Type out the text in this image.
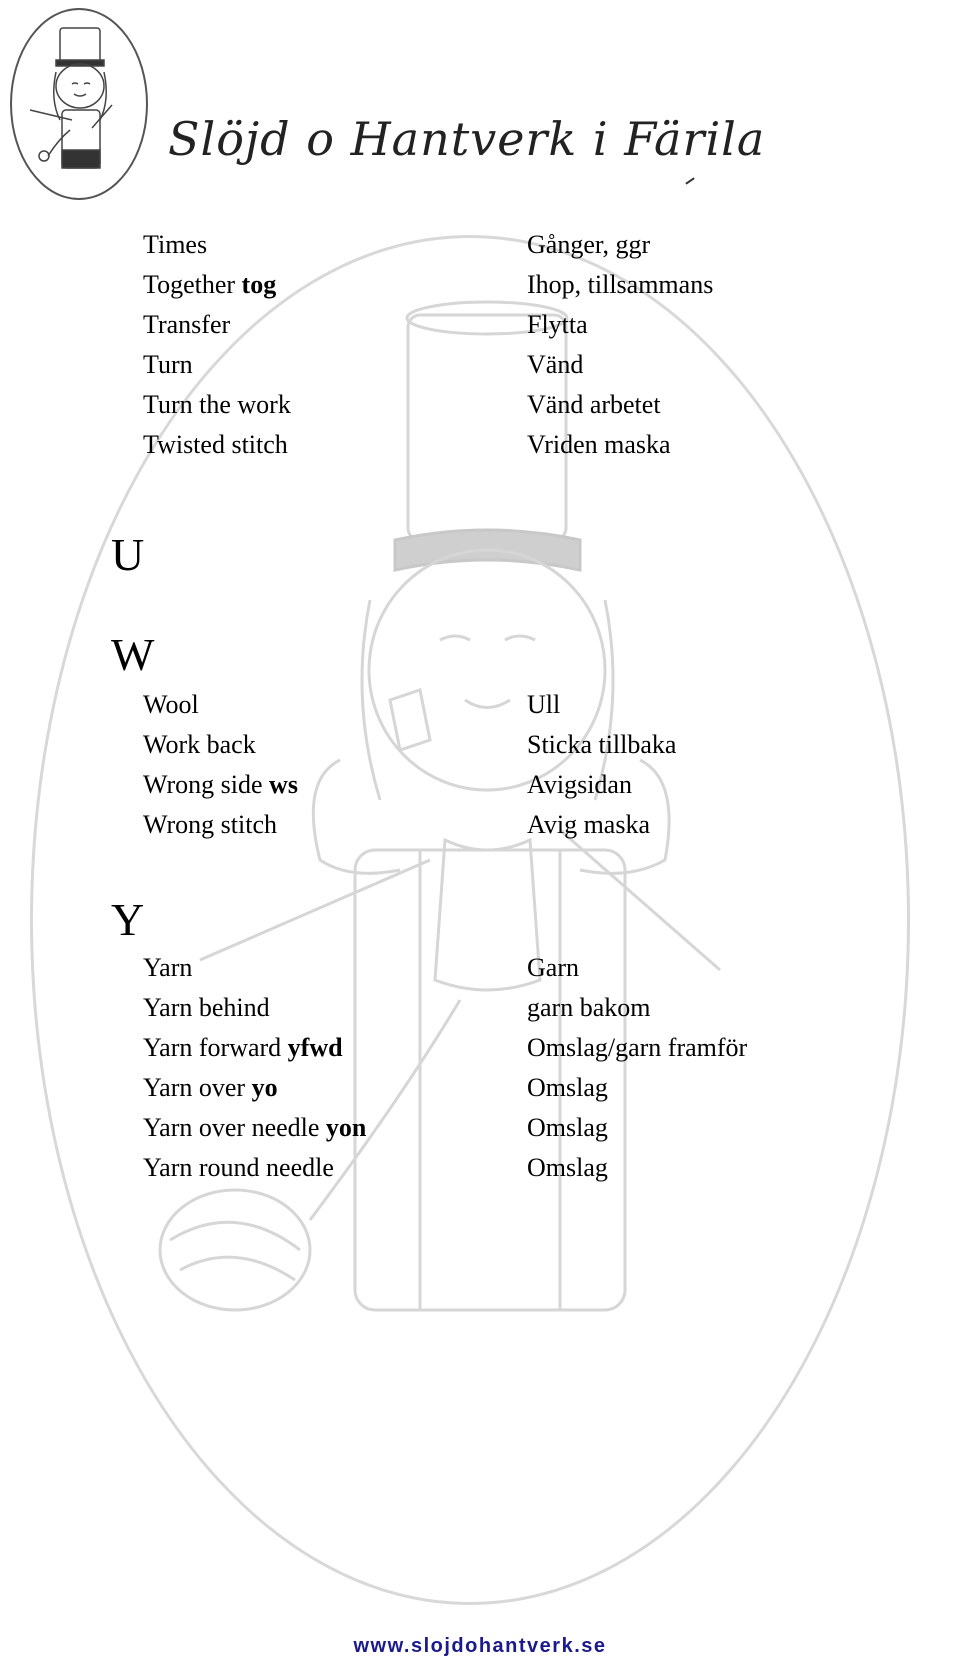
Slöjd o Hantverk i Färila
Times	Gånger, ggr
Together tog	Ihop, tillsammans
Transfer	Flytta
Turn	Vänd
Turn the work	Vänd arbetet
Twisted stitch	Vriden maska
U
W
Wool	Ull
Work back	Sticka tillbaka
Wrong side ws	Avigsidan
Wrong stitch	Avig maska
Y
Yarn	Garn
Yarn behind	garn bakom
Yarn forward yfwd	Omslag/garn framför
Yarn over yo	Omslag
Yarn over needle yon	Omslag
Yarn round needle	Omslag
www.slojdohantverk.se
